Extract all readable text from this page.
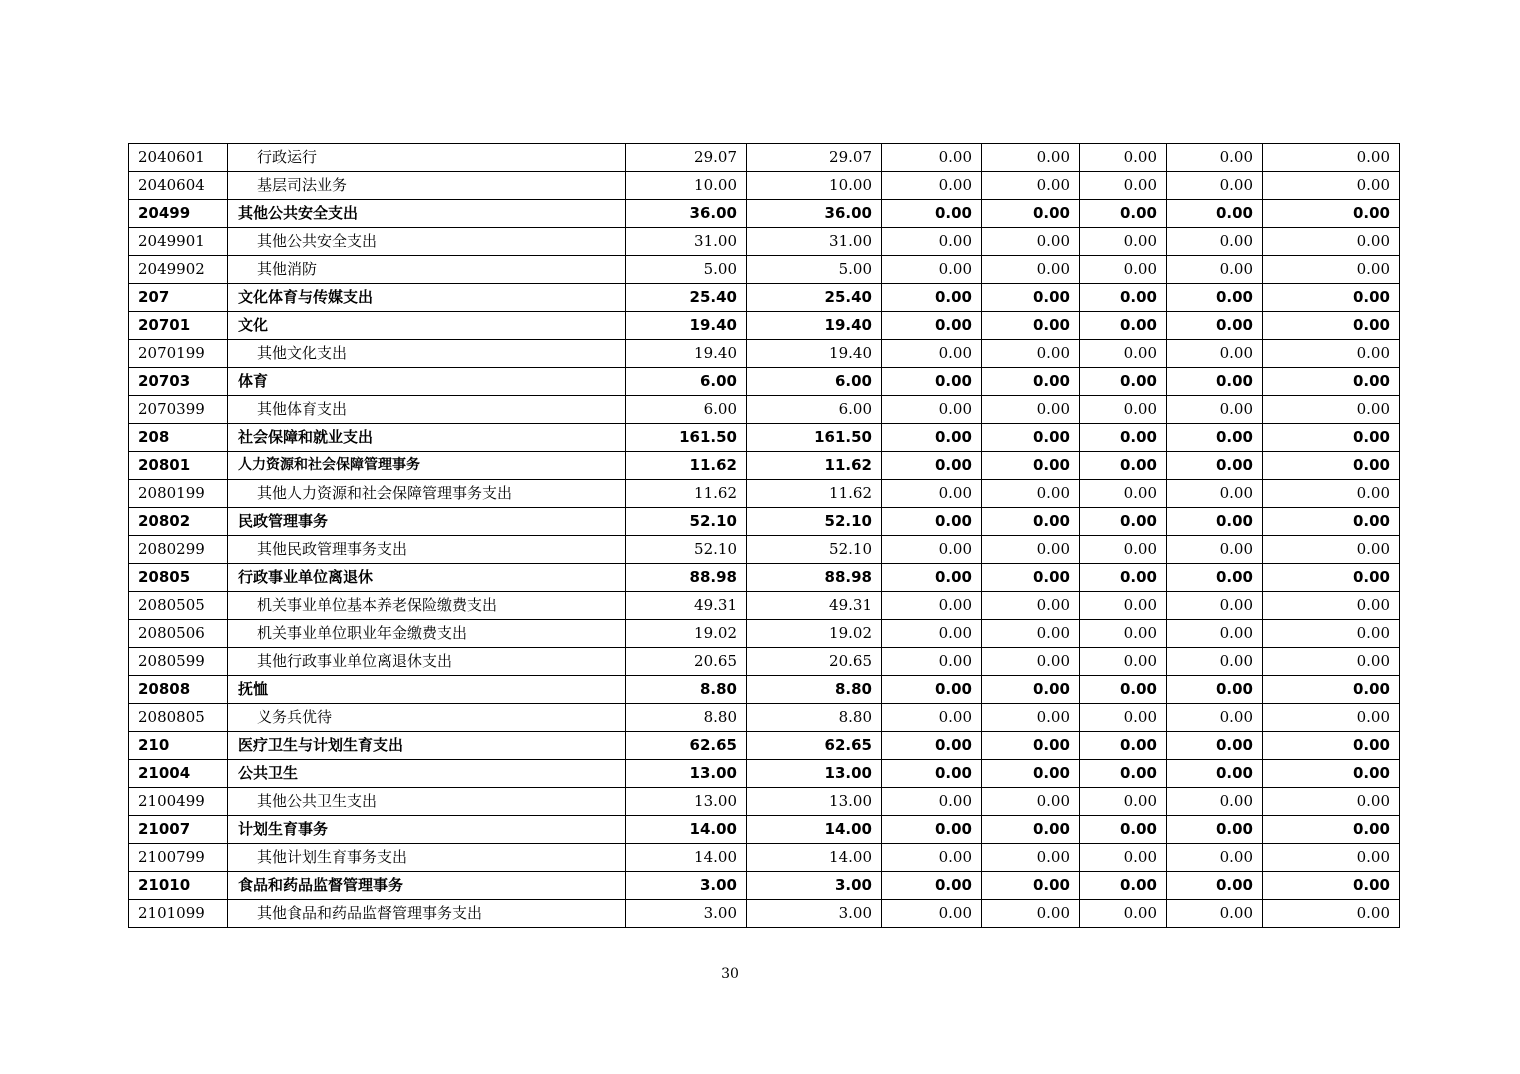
2040601	行政运行	29.07	29.07	0.00	0.00	0.00	0.00	0.00
2040604	基层司法业务	10.00	10.00	0.00	0.00	0.00	0.00	0.00
20499	其他公共安全支出	36.00	36.00	0.00	0.00	0.00	0.00	0.00
2049901	其他公共安全支出	31.00	31.00	0.00	0.00	0.00	0.00	0.00
2049902	其他消防	5.00	5.00	0.00	0.00	0.00	0.00	0.00
207	文化体育与传媒支出	25.40	25.40	0.00	0.00	0.00	0.00	0.00
20701	文化	19.40	19.40	0.00	0.00	0.00	0.00	0.00
2070199	其他文化支出	19.40	19.40	0.00	0.00	0.00	0.00	0.00
20703	体育	6.00	6.00	0.00	0.00	0.00	0.00	0.00
2070399	其他体育支出	6.00	6.00	0.00	0.00	0.00	0.00	0.00
208	社会保障和就业支出	161.50	161.50	0.00	0.00	0.00	0.00	0.00
20801	人力资源和社会保障管理事务	11.62	11.62	0.00	0.00	0.00	0.00	0.00
2080199	其他人力资源和社会保障管理事务支出	11.62	11.62	0.00	0.00	0.00	0.00	0.00
20802	民政管理事务	52.10	52.10	0.00	0.00	0.00	0.00	0.00
2080299	其他民政管理事务支出	52.10	52.10	0.00	0.00	0.00	0.00	0.00
20805	行政事业单位离退休	88.98	88.98	0.00	0.00	0.00	0.00	0.00
2080505	机关事业单位基本养老保险缴费支出	49.31	49.31	0.00	0.00	0.00	0.00	0.00
2080506	机关事业单位职业年金缴费支出	19.02	19.02	0.00	0.00	0.00	0.00	0.00
2080599	其他行政事业单位离退休支出	20.65	20.65	0.00	0.00	0.00	0.00	0.00
20808	抚恤	8.80	8.80	0.00	0.00	0.00	0.00	0.00
2080805	义务兵优待	8.80	8.80	0.00	0.00	0.00	0.00	0.00
210	医疗卫生与计划生育支出	62.65	62.65	0.00	0.00	0.00	0.00	0.00
21004	公共卫生	13.00	13.00	0.00	0.00	0.00	0.00	0.00
2100499	其他公共卫生支出	13.00	13.00	0.00	0.00	0.00	0.00	0.00
21007	计划生育事务	14.00	14.00	0.00	0.00	0.00	0.00	0.00
2100799	其他计划生育事务支出	14.00	14.00	0.00	0.00	0.00	0.00	0.00
21010	食品和药品监督管理事务	3.00	3.00	0.00	0.00	0.00	0.00	0.00
2101099	其他食品和药品监督管理事务支出	3.00	3.00	0.00	0.00	0.00	0.00	0.00
30
